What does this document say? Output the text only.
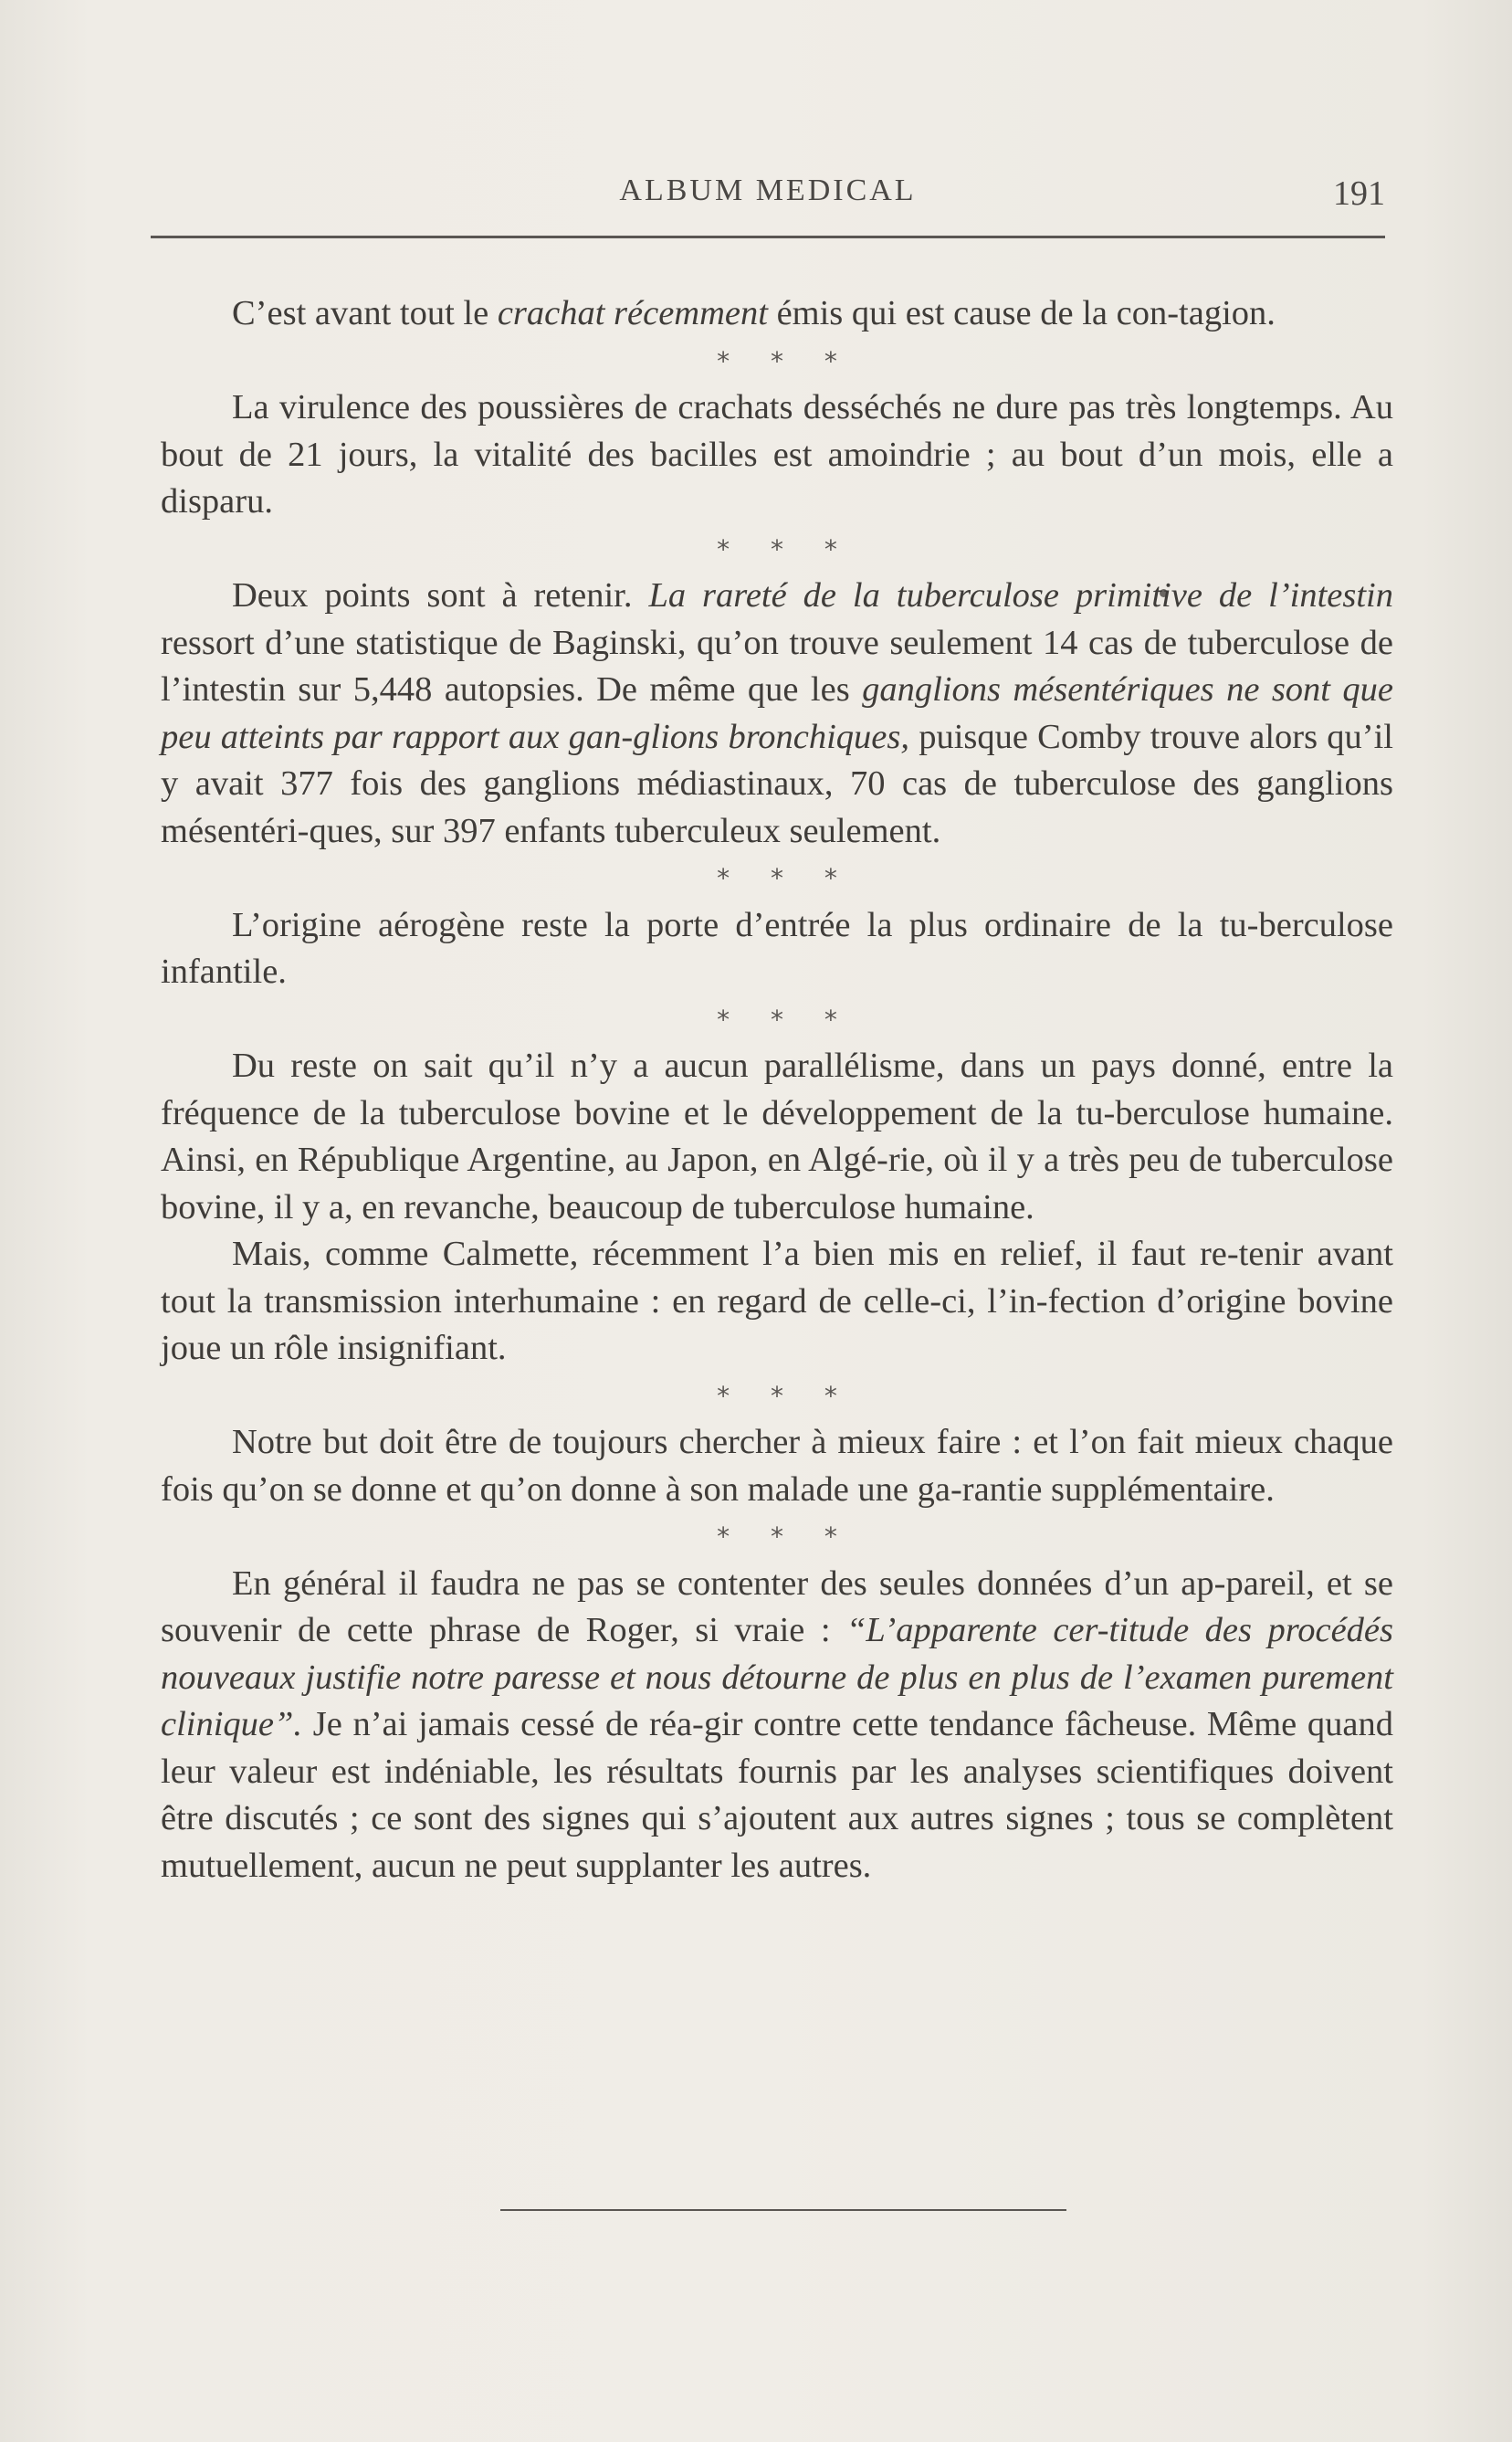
ALBUM MEDICAL	191

C’est avant tout le crachat récemment émis qui est cause de la con-tagion.

* * *

La virulence des poussières de crachats desséchés ne dure pas très longtemps. Au bout de 21 jours, la vitalité des bacilles est amoindrie ; au bout d’un mois, elle a disparu.

* * *

Deux points sont à retenir. La rareté de la tuberculose primitive de l’intestin ressort d’une statistique de Baginski, qu’on trouve seulement 14 cas de tuberculose de l’intestin sur 5,448 autopsies. De même que les ganglions mésentériques ne sont que peu atteints par rapport aux gan-glions bronchiques, puisque Comby trouve alors qu’il y avait 377 fois des ganglions médiastinaux, 70 cas de tuberculose des ganglions mésentéri-ques, sur 397 enfants tuberculeux seulement.

* * *

L’origine aérogène reste la porte d’entrée la plus ordinaire de la tu-berculose infantile.

* * *

Du reste on sait qu’il n’y a aucun parallélisme, dans un pays donné, entre la fréquence de la tuberculose bovine et le développement de la tu-berculose humaine. Ainsi, en République Argentine, au Japon, en Algé-rie, où il y a très peu de tuberculose bovine, il y a, en revanche, beaucoup de tuberculose humaine.

Mais, comme Calmette, récemment l’a bien mis en relief, il faut re-tenir avant tout la transmission interhumaine : en regard de celle-ci, l’in-fection d’origine bovine joue un rôle insignifiant.

* * *

Notre but doit être de toujours chercher à mieux faire : et l’on fait mieux chaque fois qu’on se donne et qu’on donne à son malade une ga-rantie supplémentaire.

* * *

En général il faudra ne pas se contenter des seules données d’un ap-pareil, et se souvenir de cette phrase de Roger, si vraie : “L’apparente cer-titude des procédés nouveaux justifie notre paresse et nous détourne de plus en plus de l’examen purement clinique”. Je n’ai jamais cessé de réa-gir contre cette tendance fâcheuse. Même quand leur valeur est indéniable, les résultats fournis par les analyses scientifiques doivent être discutés ; ce sont des signes qui s’ajoutent aux autres signes ; tous se complètent mutuellement, aucun ne peut supplanter les autres.
